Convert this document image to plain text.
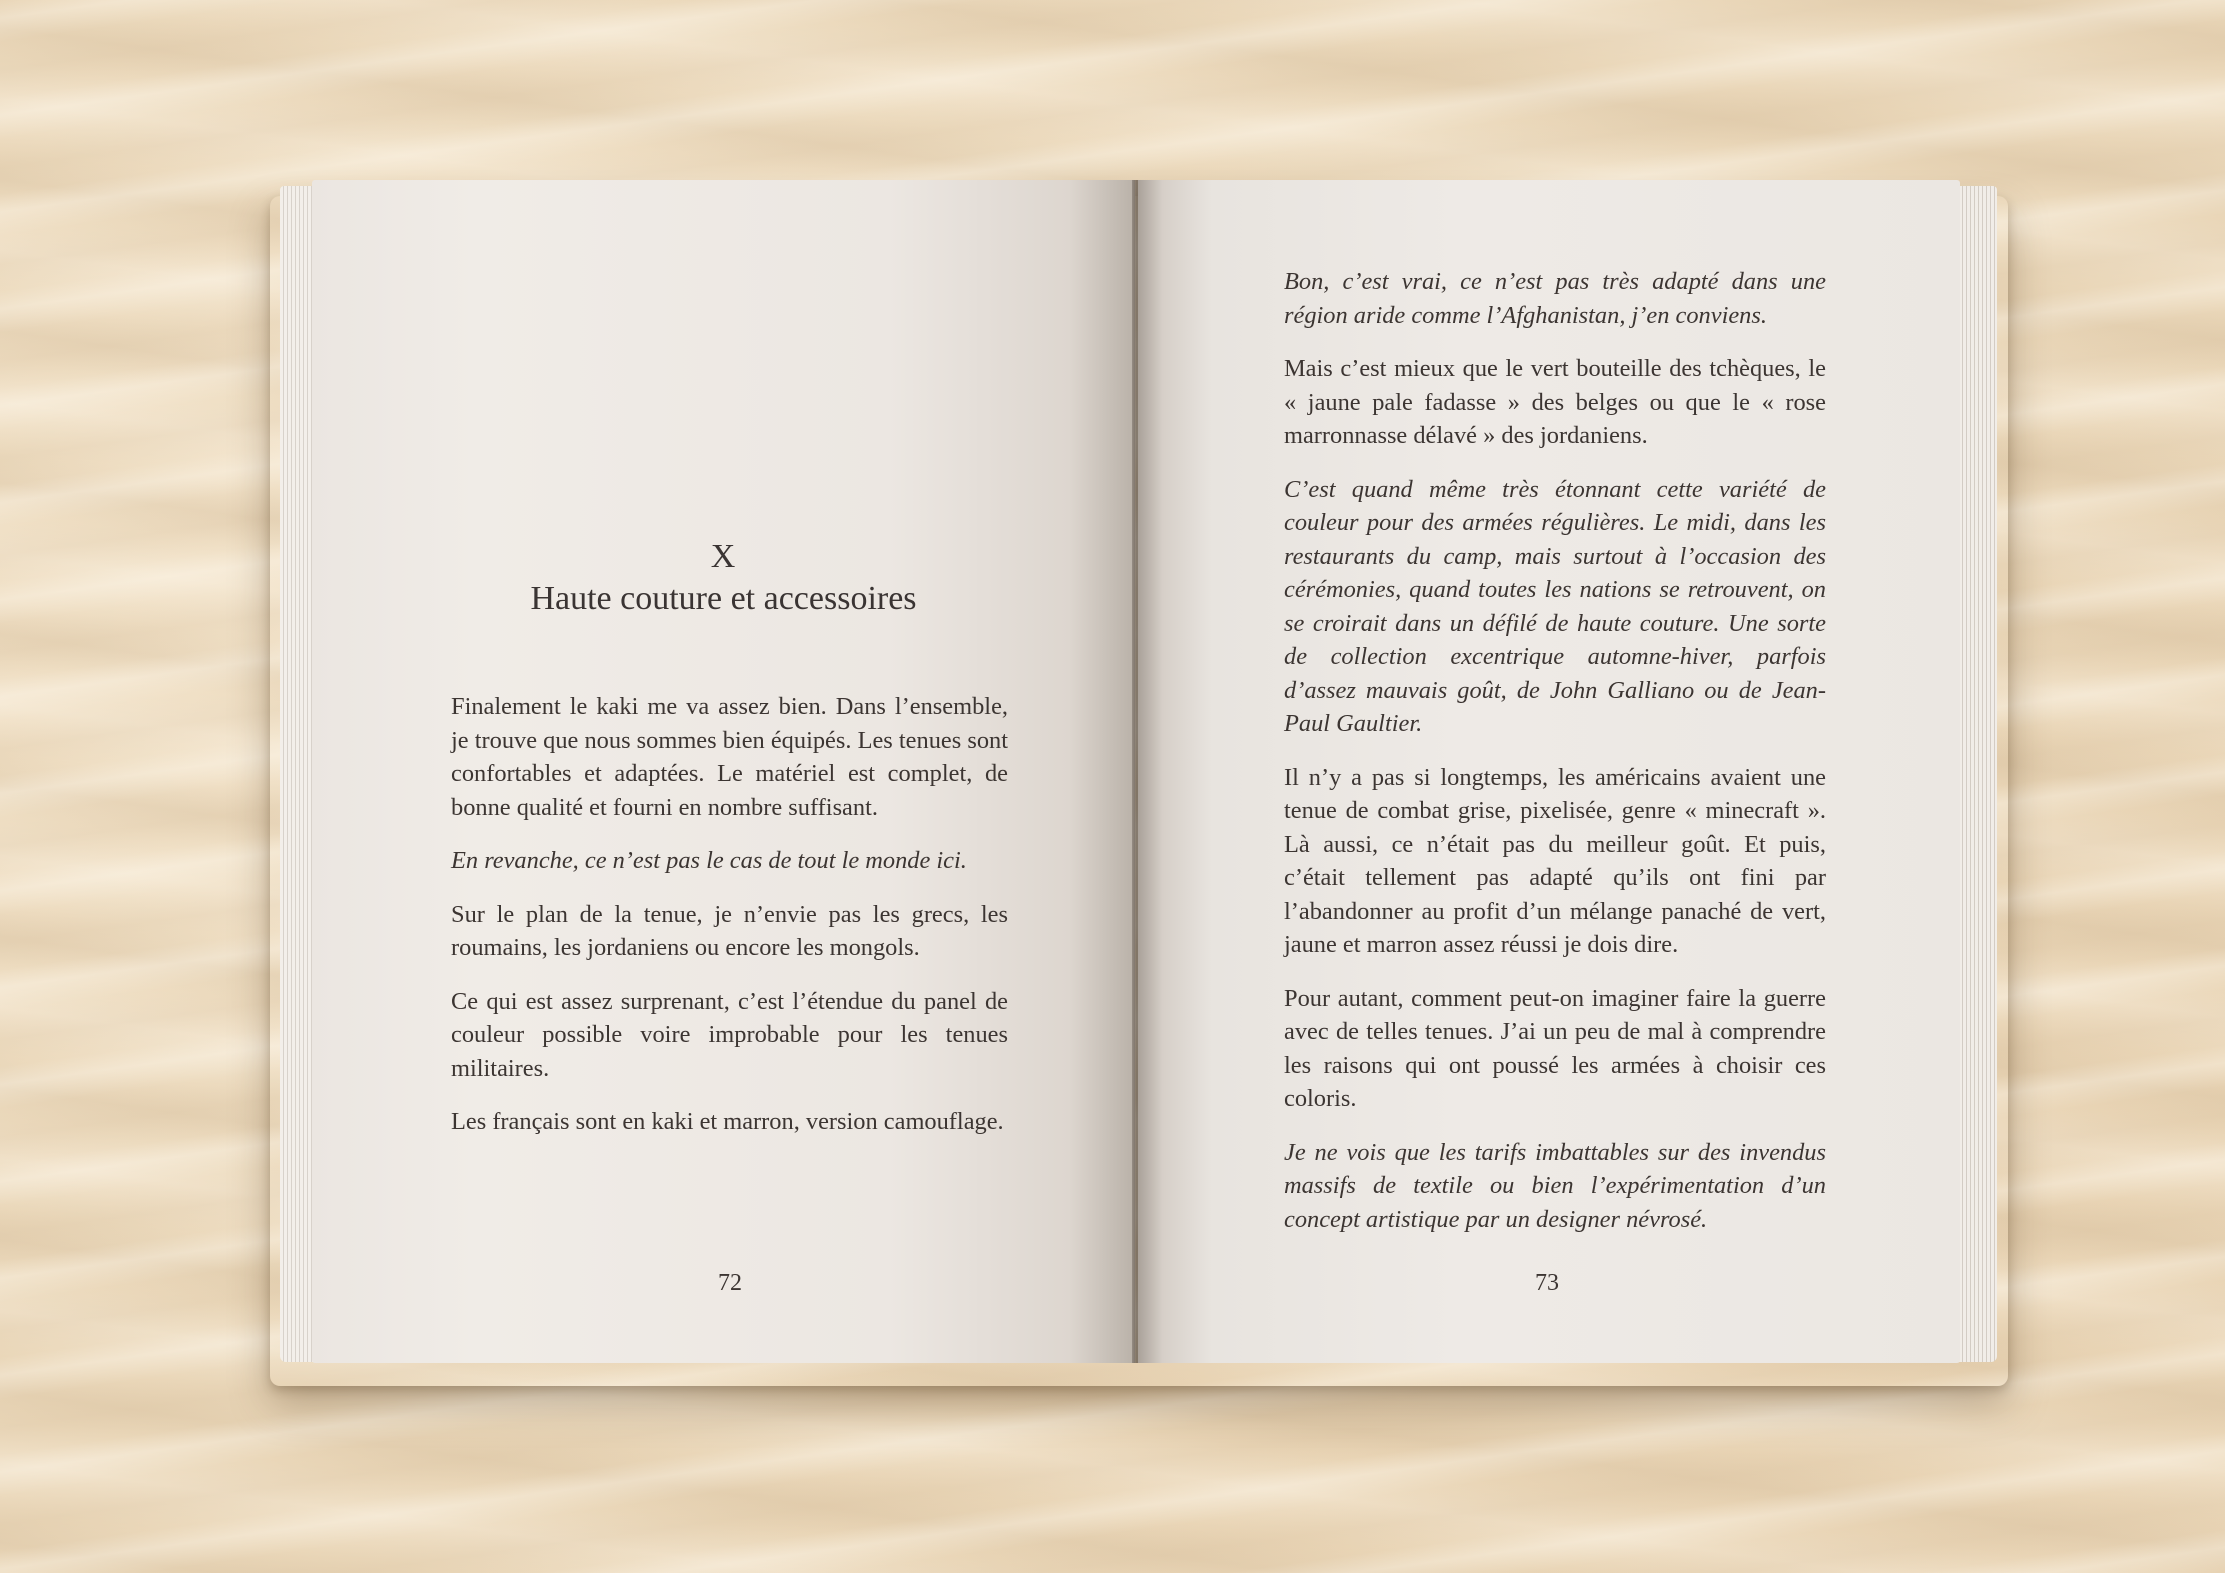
X
Haute couture et accessoires

Finalement le kaki me va assez bien. Dans l’ensemble, je trouve que nous sommes bien équipés. Les tenues sont confortables et adaptées. Le matériel est complet, de bonne qualité et fourni en nombre suffisant.

En revanche, ce n’est pas le cas de tout le monde ici.

Sur le plan de la tenue, je n’envie pas les grecs, les roumains, les jordaniens ou encore les mongols.

Ce qui est assez surprenant, c’est l’étendue du panel de couleur possible voire improbable pour les tenues militaires.

Les français sont en kaki et marron, version camouflage.

72

Bon, c’est vrai, ce n’est pas très adapté dans une région aride comme l’Afghanistan, j’en conviens.

Mais c’est mieux que le vert bouteille des tchèques, le « jaune pale fadasse » des belges ou que le « rose marronnasse délavé » des jordaniens.

C’est quand même très étonnant cette variété de couleur pour des armées régulières. Le midi, dans les restaurants du camp, mais surtout à l’occasion des cérémonies, quand toutes les nations se retrouvent, on se croirait dans un défilé de haute couture. Une sorte de collection excentrique automne-hiver, parfois d’assez mauvais goût, de John Galliano ou de Jean-Paul Gaultier.

Il n’y a pas si longtemps, les américains avaient une tenue de combat grise, pixelisée, genre « minecraft ». Là aussi, ce n’était pas du meilleur goût. Et puis, c’était tellement pas adapté qu’ils ont fini par l’abandonner au profit d’un mélange panaché de vert, jaune et marron assez réussi je dois dire.

Pour autant, comment peut-on imaginer faire la guerre avec de telles tenues. J’ai un peu de mal à comprendre les raisons qui ont poussé les armées à choisir ces coloris.

Je ne vois que les tarifs imbattables sur des invendus massifs de textile ou bien l’expérimentation d’un concept artistique par un designer névrosé.

73
